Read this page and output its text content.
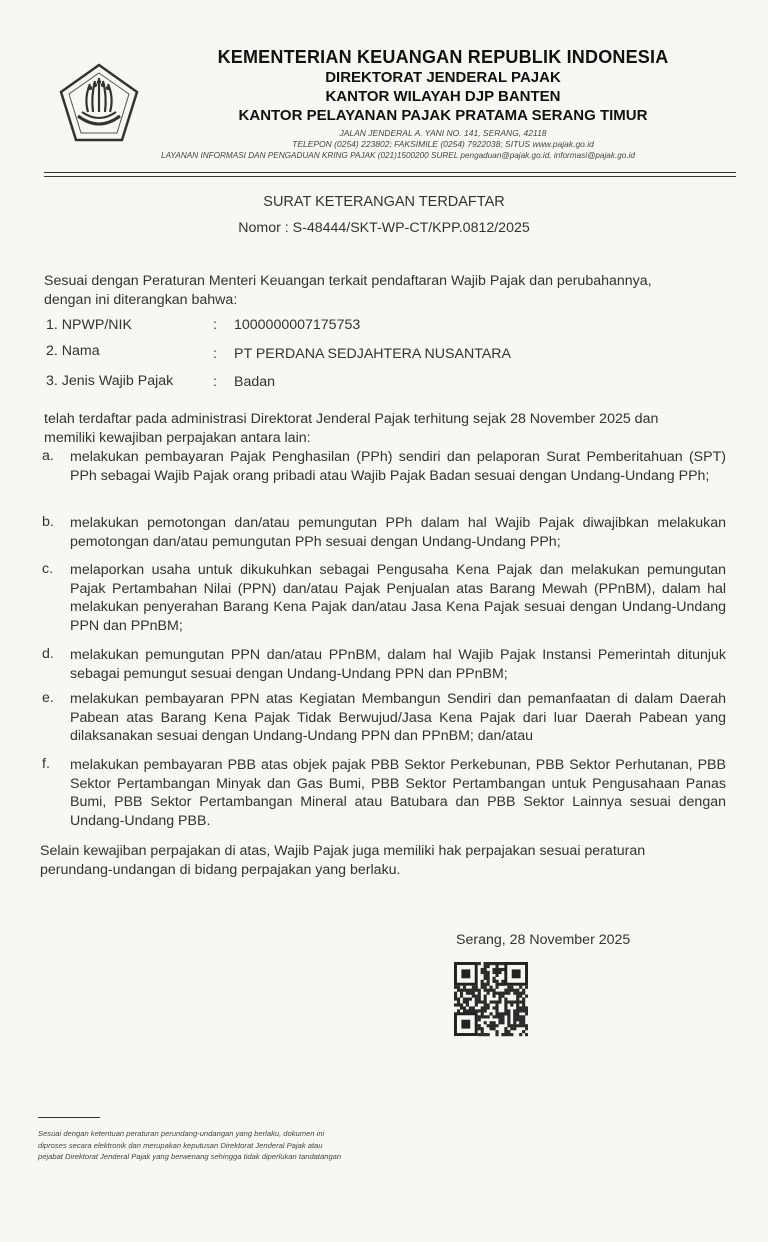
KEMENTERIAN KEUANGAN REPUBLIK INDONESIA
DIREKTORAT JENDERAL PAJAK
KANTOR WILAYAH DJP BANTEN
KANTOR PELAYANAN PAJAK PRATAMA SERANG TIMUR
JALAN JENDERAL A. YANI NO. 141, SERANG, 42118
TELEPON (0254) 223802; FAKSIMILE (0254) 7922038; SITUS www.pajak.go.id
LAYANAN INFORMASI DAN PENGADUAN KRING PAJAK (021)1500200 SUREL pengaduan@pajak.go.id, informasi@pajak.go.id
SURAT KETERANGAN TERDAFTAR
Nomor : S-48444/SKT-WP-CT/KPP.0812/2025
Sesuai dengan Peraturan Menteri Keuangan terkait pendaftaran Wajib Pajak dan perubahannya,
dengan ini diterangkan bahwa:
1. NPWP/NIK	: 1000000007175753
2. Nama	: PT PERDANA SEDJAHTERA NUSANTARA
3. Jenis Wajib Pajak	: Badan
telah terdaftar pada administrasi Direktorat Jenderal Pajak terhitung sejak 28 November 2025 dan
memiliki kewajiban perpajakan antara lain:
a. melakukan pembayaran Pajak Penghasilan (PPh) sendiri dan pelaporan Surat Pemberitahuan (SPT) PPh sebagai Wajib Pajak orang pribadi atau Wajib Pajak Badan sesuai dengan Undang-Undang PPh;
b. melakukan pemotongan dan/atau pemungutan PPh dalam hal Wajib Pajak diwajibkan melakukan pemotongan dan/atau pemungutan PPh sesuai dengan Undang-Undang PPh;
c. melaporkan usaha untuk dikukuhkan sebagai Pengusaha Kena Pajak dan melakukan pemungutan Pajak Pertambahan Nilai (PPN) dan/atau Pajak Penjualan atas Barang Mewah (PPnBM), dalam hal melakukan penyerahan Barang Kena Pajak dan/atau Jasa Kena Pajak sesuai dengan Undang-Undang PPN dan PPnBM;
d. melakukan pemungutan PPN dan/atau PPnBM, dalam hal Wajib Pajak Instansi Pemerintah ditunjuk sebagai pemungut sesuai dengan Undang-Undang PPN dan PPnBM;
e. melakukan pembayaran PPN atas Kegiatan Membangun Sendiri dan pemanfaatan di dalam Daerah Pabean atas Barang Kena Pajak Tidak Berwujud/Jasa Kena Pajak dari luar Daerah Pabean yang dilaksanakan sesuai dengan Undang-Undang PPN dan PPnBM; dan/atau
f. melakukan pembayaran PBB atas objek pajak PBB Sektor Perkebunan, PBB Sektor Perhutanan, PBB Sektor Pertambangan Minyak dan Gas Bumi, PBB Sektor Pertambangan untuk Pengusahaan Panas Bumi, PBB Sektor Pertambangan Mineral atau Batubara dan PBB Sektor Lainnya sesuai dengan Undang-Undang PBB.
Selain kewajiban perpajakan di atas, Wajib Pajak juga memiliki hak perpajakan sesuai peraturan
perundang-undangan di bidang perpajakan yang berlaku.
Serang, 28 November 2025
Sesuai dengan ketentuan peraturan perundang-undangan yang berlaku, dokumen ini
diproses secara elektronik dan merupakan keputusan Direktorat Jenderal Pajak atau
pejabat Direktorat Jenderal Pajak yang berwenang sehingga tidak diperlukan tandatangan
